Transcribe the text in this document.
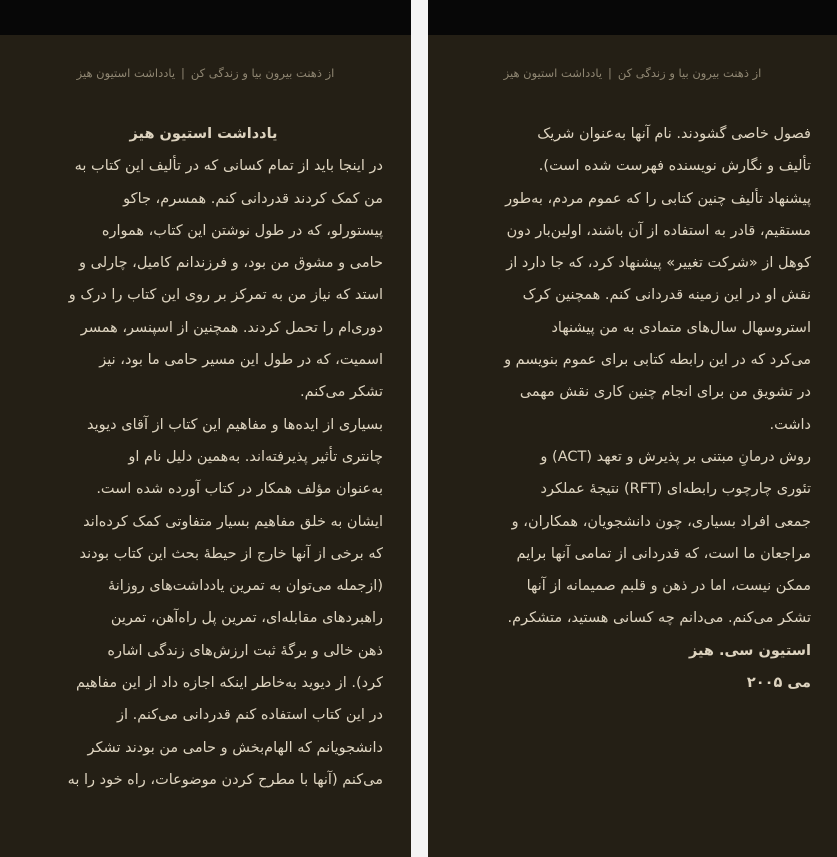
از ذهنت بیرون بیا و زندگی کن|یادداشت استیون هیز
یادداشت استیون هیز
در اینجا باید از تمام کسانی که در تألیف این کتاب به
من کمک کردند قدردانی کنم. همسرم، جاکو
پیستورلو، که در طول نوشتن این کتاب، همواره
حامی و مشوق من بود، و فرزندانم کامیل، چارلی و
استد که نیاز من به تمرکز بر روی این کتاب را درک و
دوری‌ام را تحمل کردند. همچنین از اسپنسر، همسر
اسمیت، که در طول این مسیر حامی ما بود، نیز
تشکر می‌کنم.
بسیاری از ایده‌ها و مفاهیم این کتاب از آقای دیوید
چانتری تأثیر پذیرفته‌اند. به‌همین دلیل نام او
به‌عنوان مؤلف همکار در کتاب آورده شده است.
ایشان به خلق مفاهیم بسیار متفاوتی کمک کرده‌اند
که برخی از آنها خارج از حیطهٔ بحث این کتاب بودند
(ازجمله می‌توان به تمرین یادداشت‌های روزانهٔ
راهبردهای مقابله‌ای، تمرین پل راه‌آهن، تمرین
ذهن خالی و برگهٔ ثبت ارزش‌های زندگی اشاره
کرد). از دیوید به‌خاطر اینکه اجازه داد از این مفاهیم
در این کتاب استفاده کنم قدردانی می‌کنم. از
دانشجویانم که الهام‌بخش و حامی من بودند تشکر
می‌کنم (آنها با مطرح کردن موضوعات، راه خود را به
از ذهنت بیرون بیا و زندگی کن|یادداشت استیون هیز
فصول خاصی گشودند. نام آنها به‌عنوان شریک
تألیف و نگارش نویسنده فهرست شده است).
پیشنهاد تألیف چنین کتابی را که عموم مردم، به‌طور
مستقیم، قادر به استفاده از آن باشند، اولین‌بار دون
کوهل از «شرکت تغییر» پیشنهاد کرد، که جا دارد از
نقش او در این زمینه قدردانی کنم. همچنین کرک
استروسهال سال‌های متمادی به من پیشنهاد
می‌کرد که در این رابطه کتابی برای عموم بنویسم و
در تشویق من برای انجام چنین کاری نقش مهمی
داشت.
روش درمانِ مبتنی بر پذیرش و تعهد (ACT) و
تئوری چارچوب رابطه‌ای (RFT) نتیجهٔ عملکرد
جمعی افراد بسیاری، چون دانشجویان، همکاران، و
مراجعان ما است، که قدردانی از تمامی آنها برایم
ممکن نیست، اما در ذهن و قلبم صمیمانه از آنها
تشکر می‌کنم. می‌دانم چه کسانی هستید، متشکرم.
استیون سی. هیز
می ۲۰۰۵
